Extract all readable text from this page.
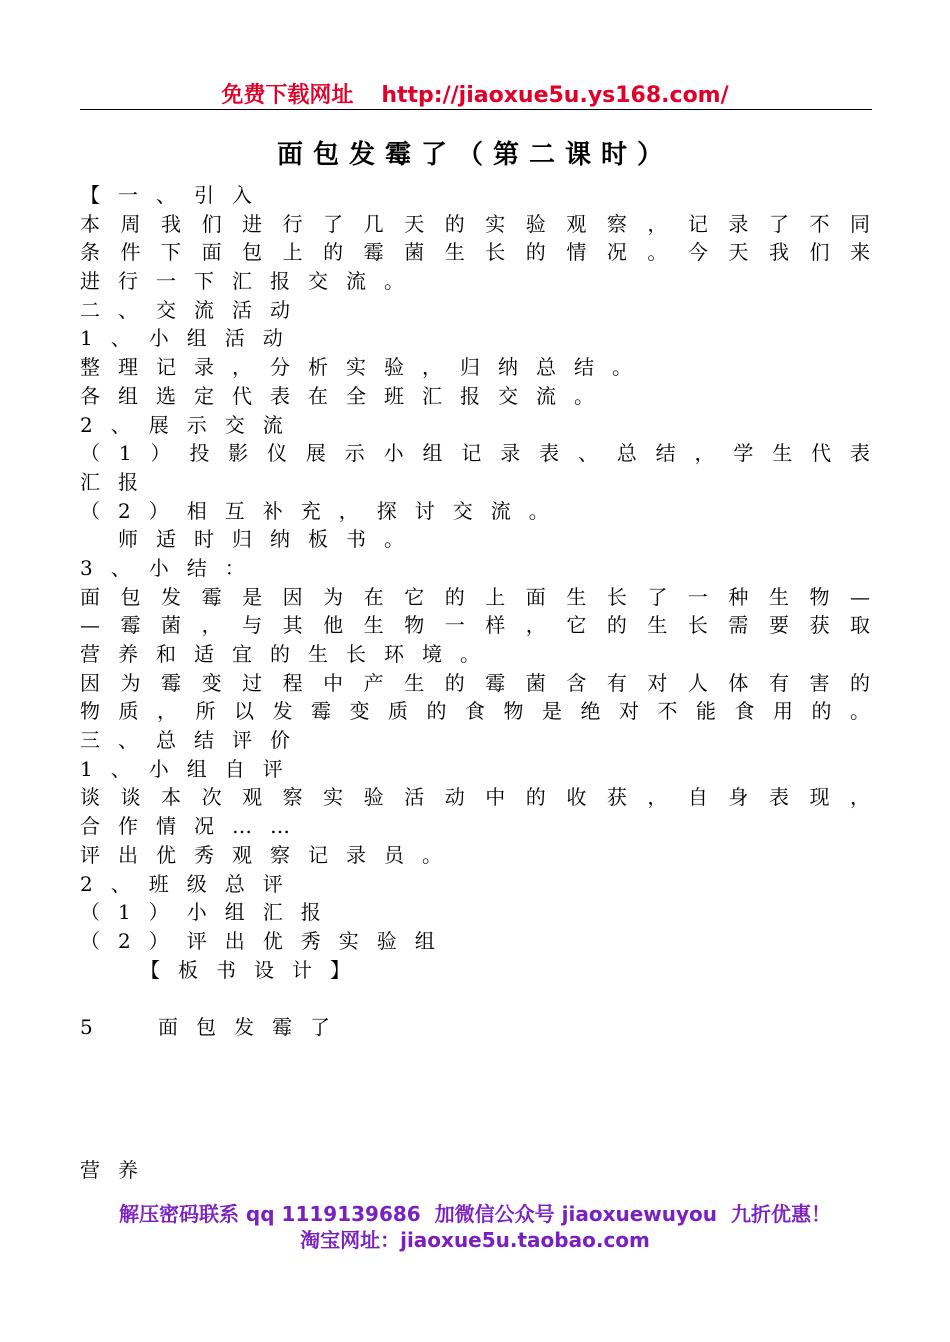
免费下载网址 http://jiaoxue5u.ys168.com/
面包发霉了（第二课时）
【一、引入
本周我们进行了几天的实验观察，记录了不同
条件下面包上的霉菌生长的情况。今天我们来
进行一下汇报交流。
二、交流活动
1、小组活动
整理记录，分析实验，归纳总结。
各组选定代表在全班汇报交流。
2、展示交流
（1）投影仪展示小组记录表、总结，学生代表
汇报
（2）相互补充，探讨交流。
师适时归纳板书。
3、小结：
面包发霉是因为在它的上面生长了一种生物—
—霉菌，与其他生物一样，它的生长需要获取
营养和适宜的生长环境。
因为霉变过程中产生的霉菌含有对人体有害的
物质，所以发霉变质的食物是绝对不能食用的。
三、总结评价
1、小组自评
谈谈本次观察实验活动中的收获，自身表现，
合作情况……
评出优秀观察记录员。
2、班级总评
（1）小组汇报
（2）评出优秀实验组
【板书设计】
5	面包发霉了
营养
解压密码联系 qq 1119139686 加微信公众号 jiaoxuewuyou 九折优惠！
淘宝网址：jiaoxue5u.taobao.com
